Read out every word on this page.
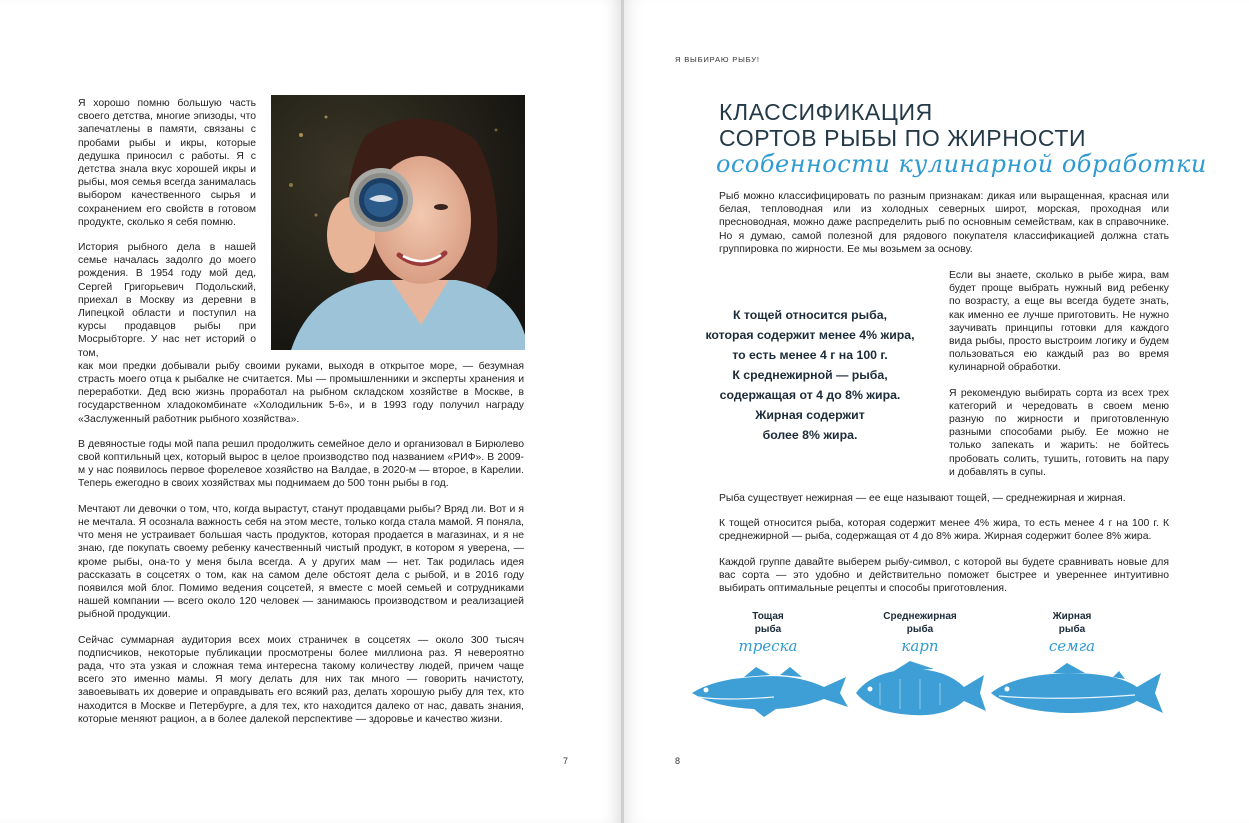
Я хорошо помню большую часть своего детства, многие эпизоды, что запечатлены в памяти, связаны с пробами рыбы и икры, которые дедушка приносил с работы. Я с детства знала вкус хорошей икры и рыбы, моя семья всегда занималась выбором качественного сырья и сохранением его свойств в готовом продукте, сколько я себя помню.

История рыбного дела в нашей семье началась задолго до моего рождения. В 1954 году мой дед, Сергей Григорьевич Подольский, приехал в Москву из деревни в Липецкой области и поступил на курсы продавцов рыбы при Мосрыбторге. У нас нет историй о том,

как мои предки добывали рыбу своими руками, выходя в открытое море, — безумная страсть моего отца к рыбалке не считается. Мы — промышленники и эксперты хранения и переработки. Дед всю жизнь проработал на рыбном складском хозяйстве в Москве, в государственном хладокомбинате «Холодильник 5-6», и в 1993 году получил награду «Заслуженный работник рыбного хозяйства».

В девяностые годы мой папа решил продолжить семейное дело и организовал в Бирюлево свой коптильный цех, который вырос в целое производство под названием «РИФ». В 2009-м у нас появилось первое форелевое хозяйство на Валдае, в 2020-м — второе, в Карелии. Теперь ежегодно в своих хозяйствах мы поднимаем до 500 тонн рыбы в год.

Мечтают ли девочки о том, что, когда вырастут, станут продавцами рыбы? Вряд ли. Вот и я не мечтала. Я осознала важность себя на этом месте, только когда стала мамой. Я поняла, что меня не устраивает большая часть продуктов, которая продается в магазинах, и я не знаю, где покупать своему ребенку качественный чистый продукт, в котором я уверена, — кроме рыбы, она-то у меня была всегда. А у других мам — нет. Так родилась идея рассказать в соцсетях о том, как на самом деле обстоят дела с рыбой, и в 2016 году появился мой блог. Помимо ведения соцсетей, я вместе с моей семьей и сотрудниками нашей компании — всего около 120 человек — занимаюсь производством и реализацией рыбной продукции.

Сейчас суммарная аудитория всех моих страничек в соцсетях — около 300 тысяч подписчиков, некоторые публикации просмотрены более миллиона раз. Я невероятно рада, что эта узкая и сложная тема интересна такому количеству людей, причем чаще всего это именно мамы. Я могу делать для них так много — говорить начистоту, завоевывать их доверие и оправдывать его всякий раз, делать хорошую рыбу для тех, кто находится в Москве и Петербурге, а для тех, кто находится далеко от нас, давать знания, которые меняют рацион, а в более далекой перспективе — здоровье и качество жизни.

7
Я ВЫБИРАЮ РЫБУ!
КЛАССИФИКАЦИЯ
СОРТОВ РЫБЫ ПО ЖИРНОСТИ
особенности кулинарной обработки

Рыб можно классифицировать по разным признакам: дикая или выращенная, красная или белая, тепловодная или из холодных северных широт, морская, проходная или пресноводная, можно даже распределить рыб по основным семействам, как в справочнике. Но я думаю, самой полезной для рядового покупателя классификацией должна стать группировка по жирности. Ее мы возьмем за основу.

К тощей относится рыба,
которая содержит менее 4% жира,
то есть менее 4 г на 100 г.
К среднежирной — рыба,
содержащая от 4 до 8% жира.
Жирная содержит
более 8% жира.

Если вы знаете, сколько в рыбе жира, вам будет проще выбрать нужный вид ребенку по возрасту, а еще вы всегда будете знать, как именно ее лучше приготовить. Не нужно заучивать принципы готовки для каждого вида рыбы, просто выстроим логику и будем пользоваться ею каждый раз во время кулинарной обработки.

Я рекомендую выбирать сорта из всех трех категорий и чередовать в своем меню разную по жирности и приготовленную разными способами рыбу. Ее можно не только запекать и жарить: не бойтесь пробовать солить, тушить, готовить на пару и добавлять в супы.

Рыба существует нежирная — ее еще называют тощей, — среднежирная и жирная.

К тощей относится рыба, которая содержит менее 4% жира, то есть менее 4 г на 100 г. К среднежирной — рыба, содержащая от 4 до 8% жира. Жирная содержит более 8% жира.

Каждой группе давайте выберем рыбу-символ, с которой вы будете сравнивать новые для вас сорта — это удобно и действительно поможет быстрее и увереннее интуитивно выбирать оптимальные рецепты и способы приготовления.

Тощая
рыба
треска
Среднежирная
рыба
карп
Жирная
рыба
семга
8
